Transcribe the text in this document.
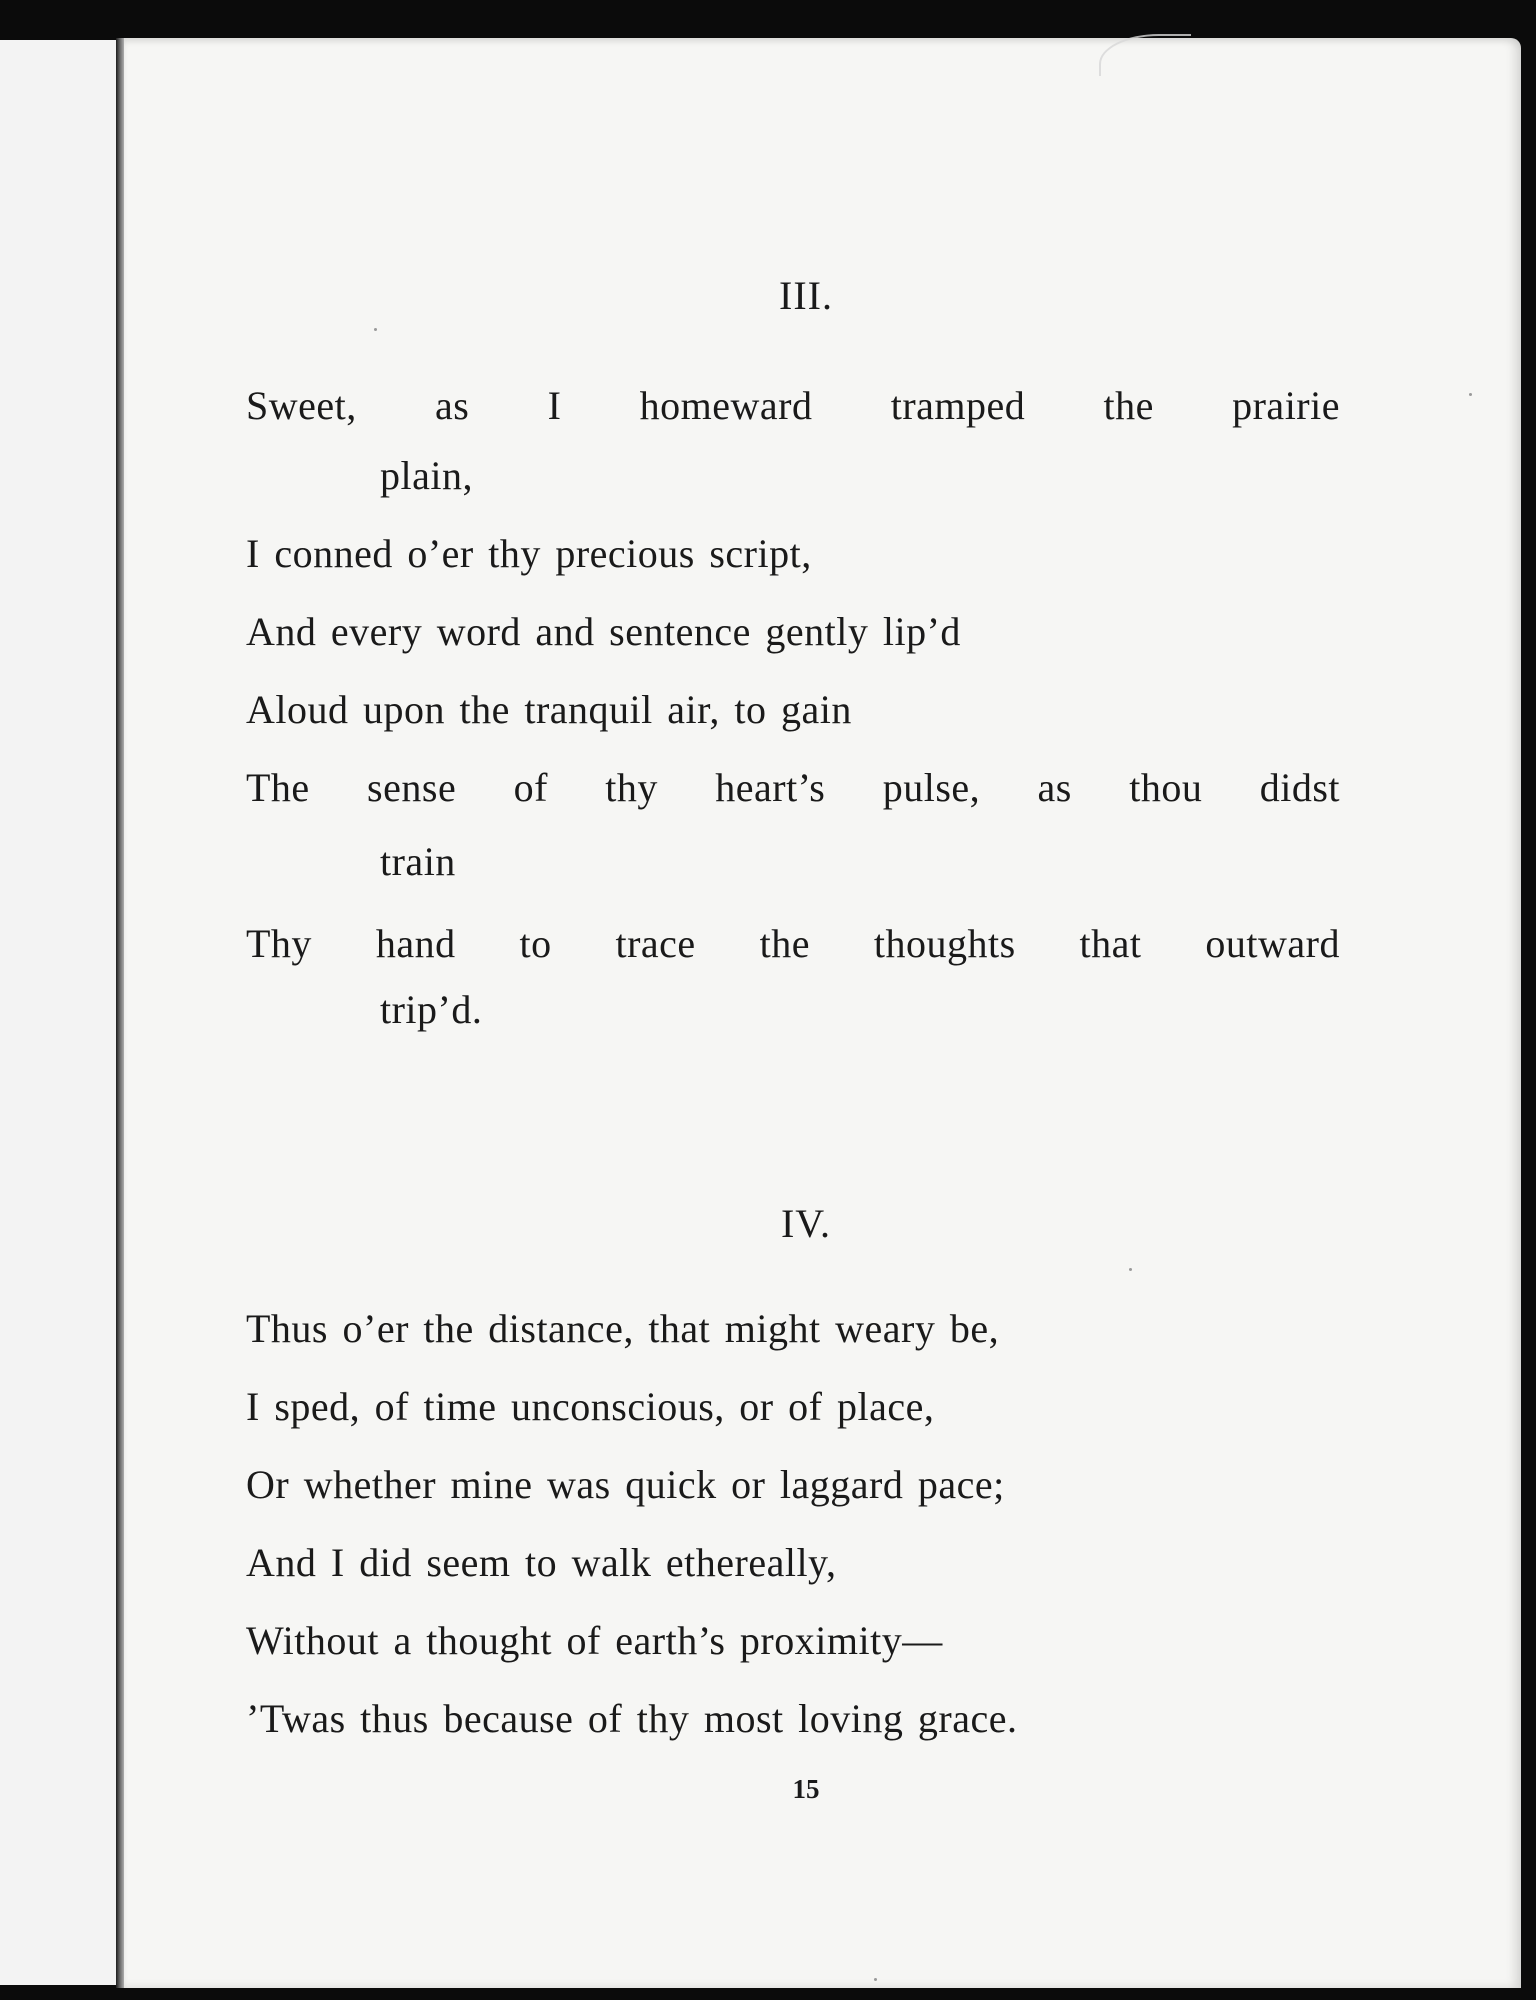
III.
Sweet, as I homeward tramped the prairie
plain,
I conned o’er thy precious script,
And every word and sentence gently lip’d
Aloud upon the tranquil air, to gain
The sense of thy heart’s pulse, as thou didst
train
Thy hand to trace the thoughts that outward
trip’d.
IV.
Thus o’er the distance, that might weary be,
I sped, of time unconscious, or of place,
Or whether mine was quick or laggard pace;
And I did seem to walk ethereally,
Without a thought of earth’s proximity—
’Twas thus because of thy most loving grace.
15
